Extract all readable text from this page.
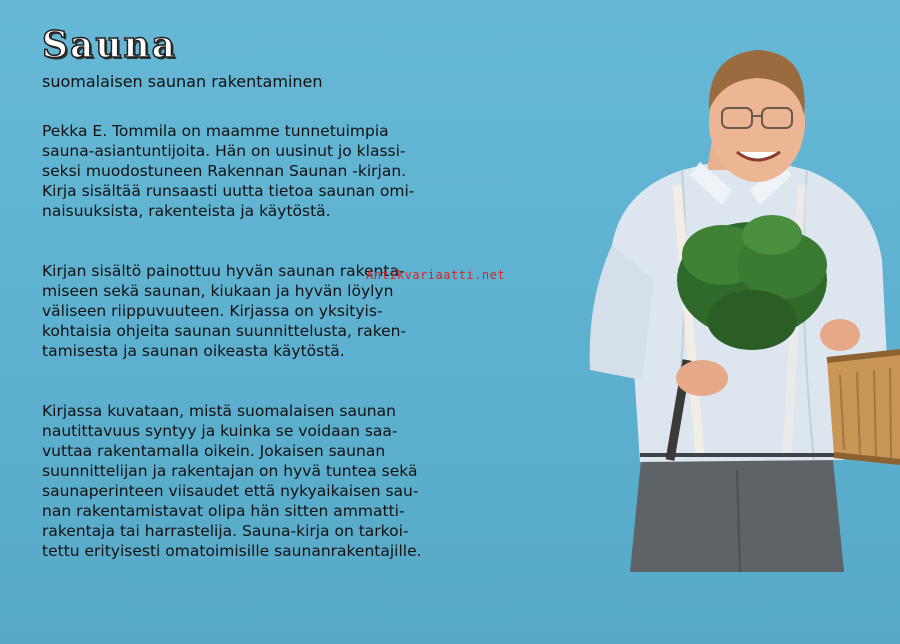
Sauna
suomalaisen saunan rakentaminen

Pekka E. Tommila on maamme tunnetuimpia
sauna-asiantuntijoita. Hän on uusinut jo klassi-
seksi muodostuneen Rakennan Saunan -kirjan.
Kirja sisältää runsaasti uutta tietoa saunan omi-
naisuuksista, rakenteista ja käytöstä.

Kirjan sisältö painottuu hyvän saunan rakenta-
miseen sekä saunan, kiukaan ja hyvän löylyn
väliseen riippuvuuteen. Kirjassa on yksityis-
kohtaisia ohjeita saunan suunnittelusta, raken-
tamisesta ja saunan oikeasta käytöstä.

Kirjassa kuvataan, mistä suomalaisen saunan
nautittavuus syntyy ja kuinka se voidaan saa-
vuttaa rakentamalla oikein. Jokaisen saunan
suunnittelijan ja rakentajan on hyvä tuntea sekä
saunaperinteen viisaudet että nykyaikaisen sau-
nan rakentamistavat olipa hän sitten ammatti-
rakentaja tai harrastelija. Sauna-kirja on tarkoi-
tettu erityisesti omatoimisille saunanrakentajille.

Antikvariaatti.net
